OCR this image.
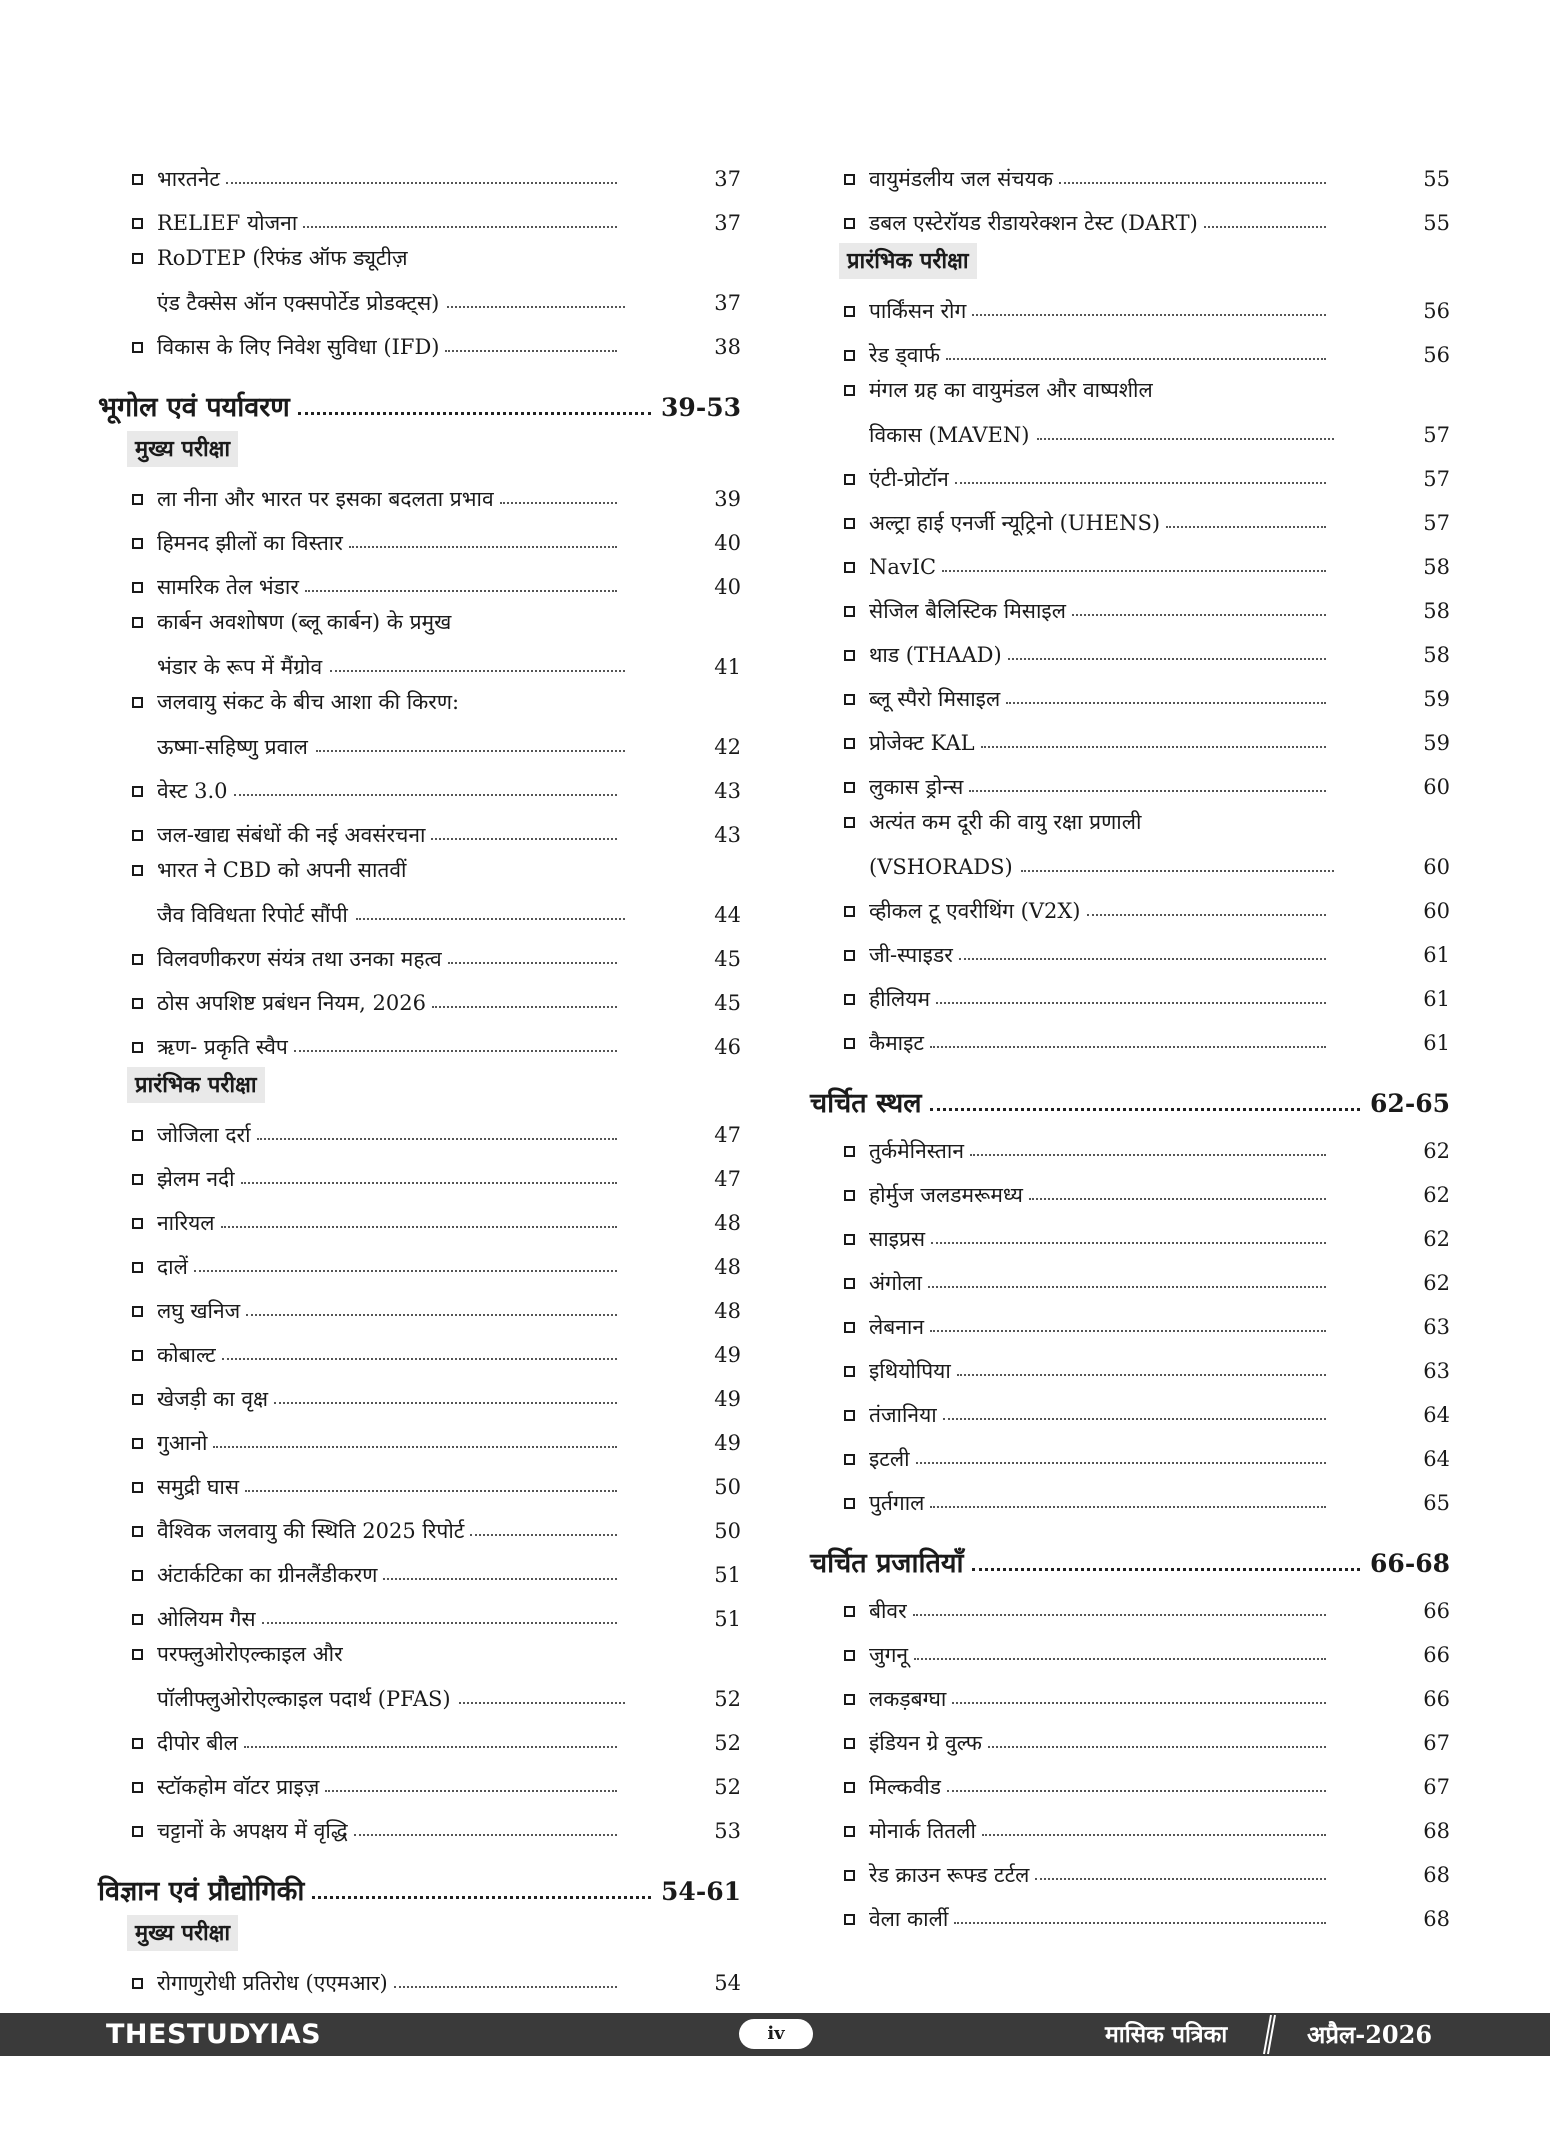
भारतनेट	37
RELIEF योजना	37
RoDTEP (रिफंड ऑफ ड्यूटीज़
एंड टैक्सेस ऑन एक्सपोर्टेड प्रोडक्ट्स)	37
विकास के लिए निवेश सुविधा (IFD)	38
भूगोल एवं पर्यावरण	39-53
मुख्य परीक्षा
ला नीना और भारत पर इसका बदलता प्रभाव	39
हिमनद झीलों का विस्तार	40
सामरिक तेल भंडार	40
कार्बन अवशोषण (ब्लू कार्बन) के प्रमुख
भंडार के रूप में मैंग्रोव	41
जलवायु संकट के बीच आशा की किरण:
ऊष्मा-सहिष्णु प्रवाल	42
वेस्ट 3.0	43
जल-खाद्य संबंधों की नई अवसंरचना	43
भारत ने CBD को अपनी सातवीं
जैव विविधता रिपोर्ट सौंपी	44
विलवणीकरण संयंत्र तथा उनका महत्व	45
ठोस अपशिष्ट प्रबंधन नियम, 2026	45
ऋण- प्रकृति स्वैप	46
प्रारंभिक परीक्षा
जोजिला दर्रा	47
झेलम नदी	47
नारियल	48
दालें	48
लघु खनिज	48
कोबाल्ट	49
खेजड़ी का वृक्ष	49
गुआनो	49
समुद्री घास	50
वैश्विक जलवायु की स्थिति 2025 रिपोर्ट	50
अंटार्कटिका का ग्रीनलैंडीकरण	51
ओलियम गैस	51
परफ्लुओरोएल्काइल और
पॉलीफ्लुओरोएल्काइल पदार्थ (PFAS)	52
दीपोर बील	52
स्टॉकहोम वॉटर प्राइज़	52
चट्टानों के अपक्षय में वृद्धि	53
विज्ञान एवं प्रौद्योगिकी	54-61
मुख्य परीक्षा
रोगाणुरोधी प्रतिरोध (एएमआर)	54
वायुमंडलीय जल संचयक	55
डबल एस्टेरॉयड रीडायरेक्शन टेस्ट (DART)	55
प्रारंभिक परीक्षा
पार्किंसन रोग	56
रेड ड्वार्फ	56
मंगल ग्रह का वायुमंडल और वाष्पशील
विकास (MAVEN)	57
एंटी-प्रोटॉन	57
अल्ट्रा हाई एनर्जी न्यूट्रिनो (UHENS)	57
NavIC	58
सेजिल बैलिस्टिक मिसाइल	58
थाड (THAAD)	58
ब्लू स्पैरो मिसाइल	59
प्रोजेक्ट KAL	59
लुकास ड्रोन्स	60
अत्यंत कम दूरी की वायु रक्षा प्रणाली
(VSHORADS)	60
व्हीकल टू एवरीथिंग (V2X)	60
जी-स्पाइडर	61
हीलियम	61
कैमाइट	61
चर्चित स्थल	62-65
तुर्कमेनिस्तान	62
होर्मुज जलडमरूमध्य	62
साइप्रस	62
अंगोला	62
लेबनान	63
इथियोपिया	63
तंजानिया	64
इटली	64
पुर्तगाल	65
चर्चित प्रजातियाँ	66-68
बीवर	66
जुगनू	66
लकड़बग्घा	66
इंडियन ग्रे वुल्फ	67
मिल्कवीड	67
मोनार्क तितली	68
रेड क्राउन रूफ्ड टर्टल	68
वेला कार्ली	68
THESTUDYIAS	iv	मासिक पत्रिका	अप्रैल-2026
